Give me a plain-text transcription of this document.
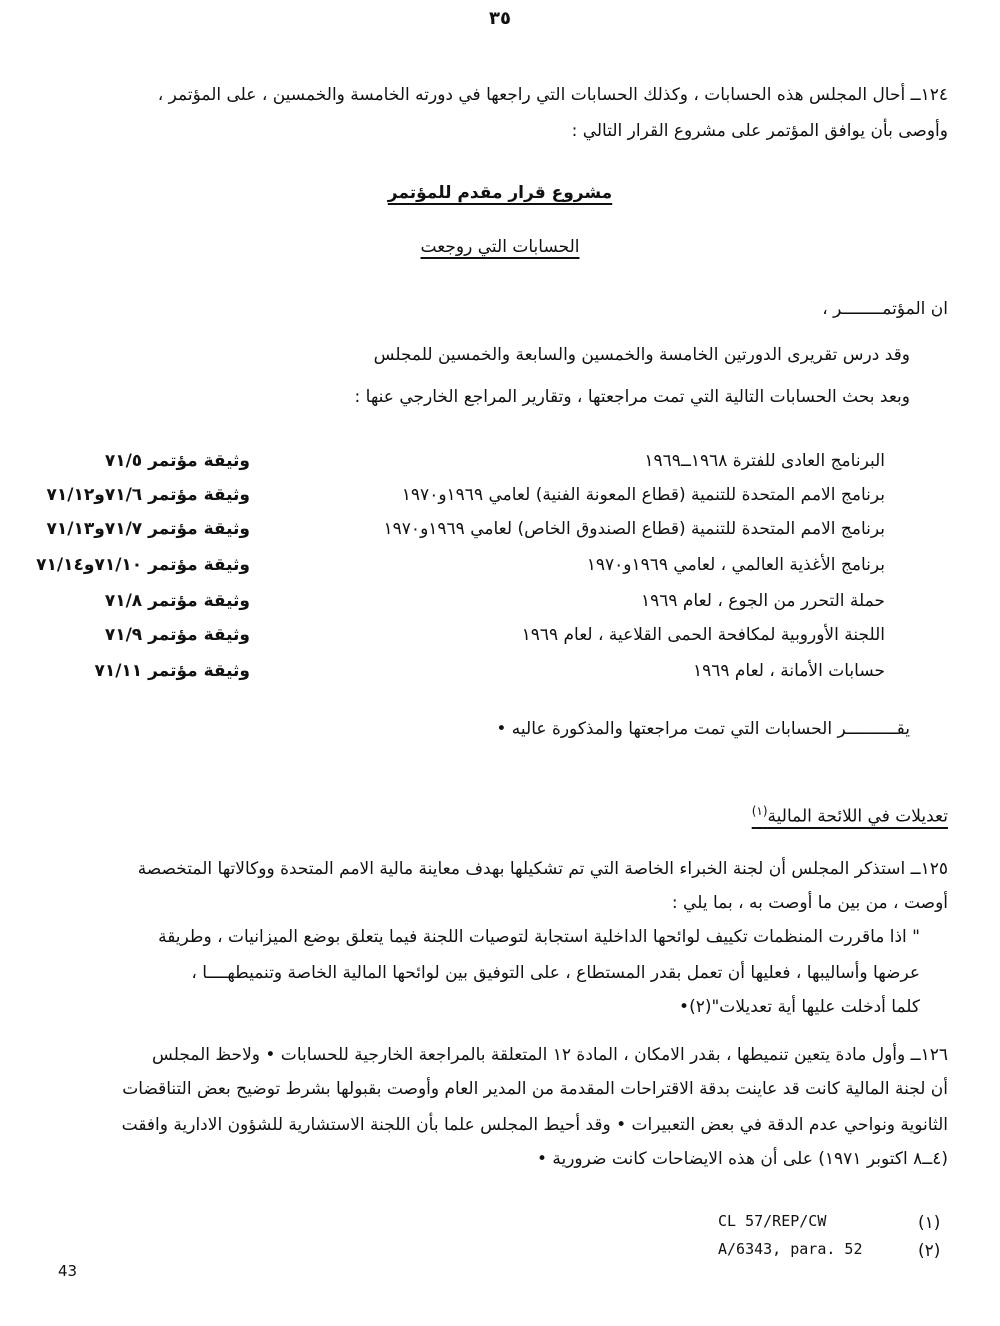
٣٥
١٢٤ــ أحال المجلس هذه الحسابات ، وكذلك الحسابات التي راجعها في دورته الخامسة والخمسين ، على المؤتمر ،
وأوصى بأن يوافق المؤتمر على مشروع القرار التالي :
مشروع قرار مقدم للمؤتمر
الحسابات التي روجعت
ان المؤتمــــــــر ،
وقد درس تقريرى الدورتين الخامسة والخمسين والسابعة والخمسين للمجلس
وبعد بحث الحسابات التالية التي تمت مراجعتها ، وتقارير المراجع الخارجي عنها :
البرنامج العادى للفترة ١٩٦٨ــ١٩٦٩
وثيقة مؤتمر ٧١/٥
برنامج الامم المتحدة للتنمية (قطاع المعونة الفنية) لعامي ١٩٦٩و١٩٧٠
وثيقة مؤتمر ٧١/٦و٧١/١٢
برنامج الامم المتحدة للتنمية (قطاع الصندوق الخاص) لعامي ١٩٦٩و١٩٧٠
وثيقة مؤتمر ٧١/٧و٧١/١٣
برنامج الأغذية العالمي ، لعامي ١٩٦٩و١٩٧٠
وثيقة مؤتمر ٧١/١٠و٧١/١٤
حملة التحرر من الجوع ، لعام ١٩٦٩
وثيقة مؤتمر ٧١/٨
اللجنة الأوروبية لمكافحة الحمى القلاعية ، لعام ١٩٦٩
وثيقة مؤتمر ٧١/٩
حسابات الأمانة ، لعام ١٩٦٩
وثيقة مؤتمر ٧١/١١
يقــــــــــر الحسابات التي تمت مراجعتها والمذكورة عاليه •
تعديلات في اللائحة المالية$^{(١)}$
١٢٥ــ استذكر المجلس أن لجنة الخبراء الخاصة التي تم تشكيلها بهدف معاينة مالية الامم المتحدة ووكالاتها المتخصصة
أوصت ، من بين ما أوصت به ، بما يلي :
" اذا ماقررت المنظمات تكييف لوائحها الداخلية استجابة لتوصيات اللجنة فيما يتعلق بوضع الميزانيات ، وطريقة
عرضها وأساليبها ، فعليها أن تعمل بقدر المستطاع ، على التوفيق بين لوائحها المالية الخاصة وتنميطهــــا ،
كلما أدخلت عليها أية تعديلات"(٢)•
١٢٦ــ وأول مادة يتعين تنميطها ، بقدر الامكان ، المادة ١٢ المتعلقة بالمراجعة الخارجية للحسابات • ولاحظ المجلس
أن لجنة المالية كانت قد عاينت بدقة الاقتراحات المقدمة من المدير العام وأوصت بقبولها بشرط توضيح بعض التناقضات
الثانوية ونواحي عدم الدقة في بعض التعبيرات • وقد أحيط المجلس علما بأن اللجنة الاستشارية للشؤون الادارية وافقت
(٤ــ٨ اكتوبر ١٩٧١) على أن هذه الايضاحات كانت ضرورية •
CL 57/REP/CW	(١)
A/6343, para. 52	(٢)
43
